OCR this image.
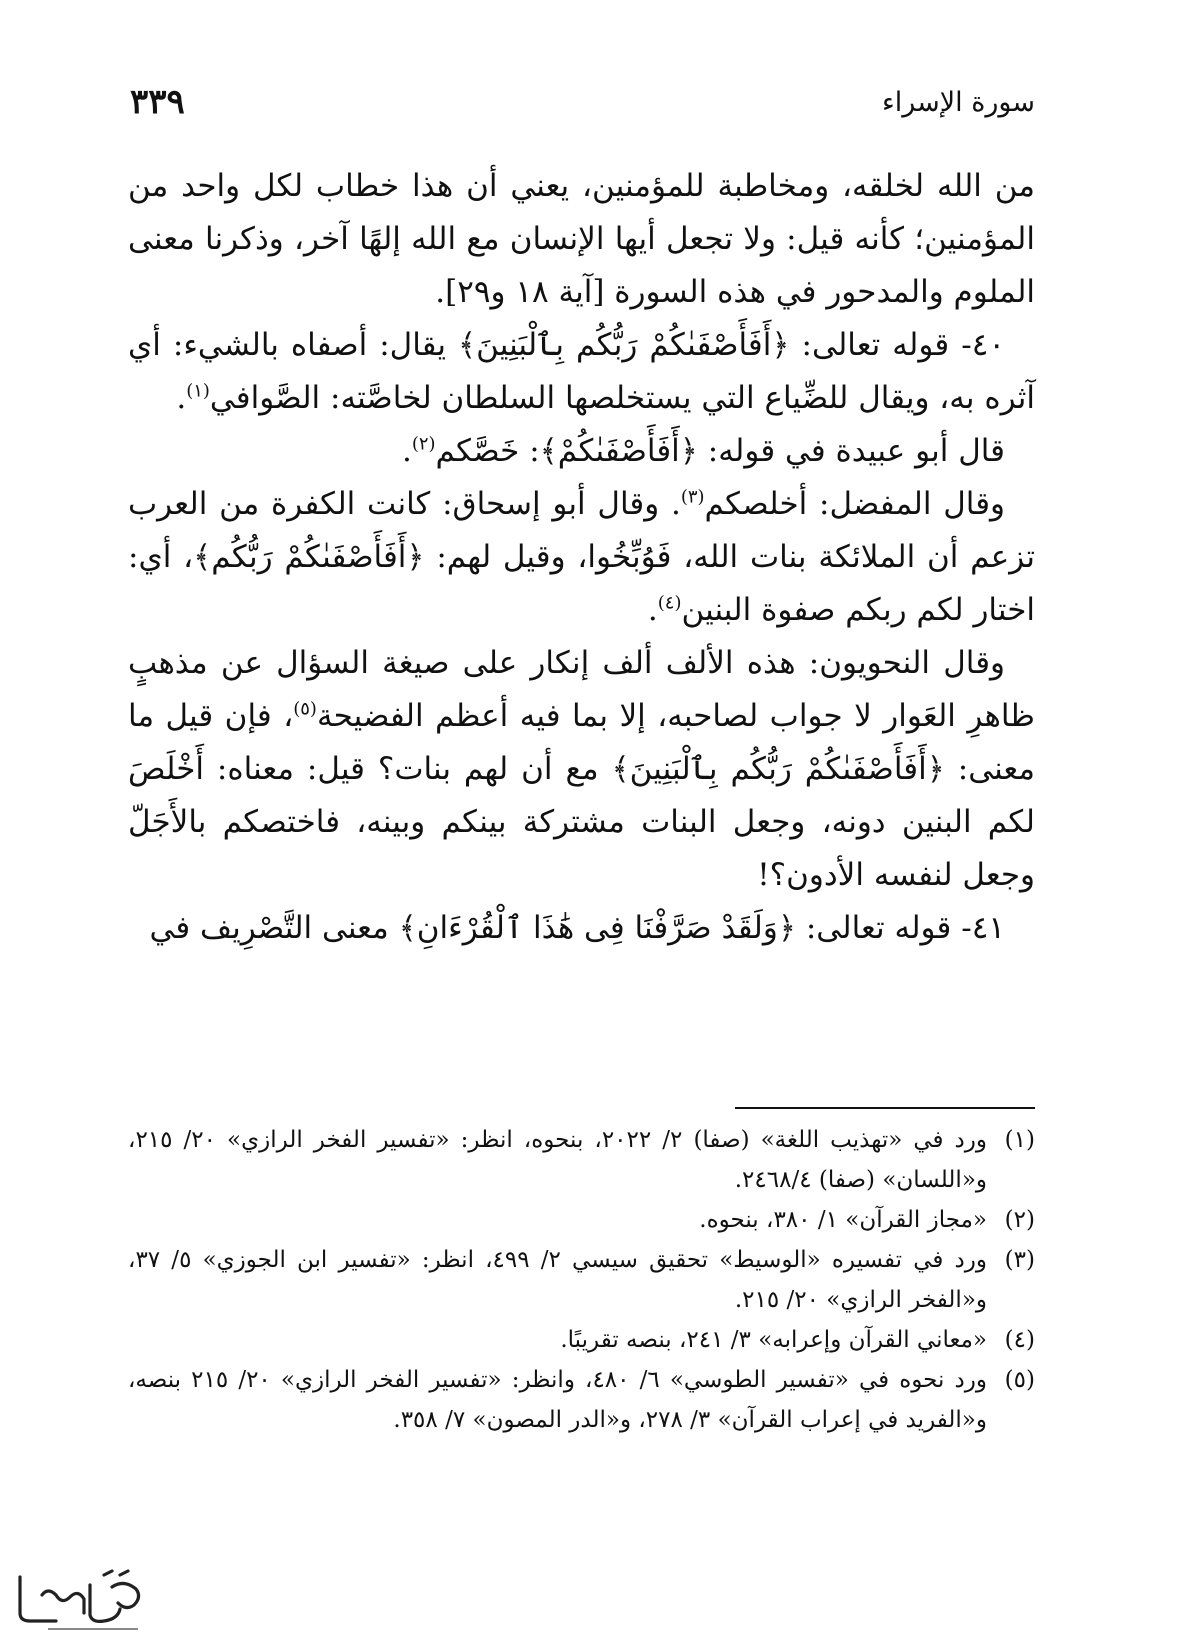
سورة الإسراء
٣٣٩

من الله لخلقه، ومخاطبة للمؤمنين، يعني أن هذا خطاب لكل واحد من المؤمنين؛ كأنه قيل: ولا تجعل أيها الإنسان مع الله إلهًا آخر، وذكرنا معنى الملوم والمدحور في هذه السورة [آية ١٨ و٢٩].

٤٠- قوله تعالى: ﴿أَفَأَصْفَىٰكُمْ رَبُّكُم بِٱلْبَنِينَ﴾ يقال: أصفاه بالشيء: أي آثره به، ويقال للضِّياع التي يستخلصها السلطان لخاصَّته: الصَّوافي$^{(١)}$.

قال أبو عبيدة في قوله: ﴿أَفَأَصْفَىٰكُمْ﴾: خَصَّكم$^{(٢)}$.

وقال المفضل: أخلصكم$^{(٣)}$. وقال أبو إسحاق: كانت الكفرة من العرب تزعم أن الملائكة بنات الله، فَوُبِّخُوا، وقيل لهم: ﴿أَفَأَصْفَىٰكُمْ رَبُّكُم﴾، أي: اختار لكم ربكم صفوة البنين$^{(٤)}$.

وقال النحويون: هذه الألف ألف إنكار على صيغة السؤال عن مذهبٍ ظاهرِ العَوار لا جواب لصاحبه، إلا بما فيه أعظم الفضيحة$^{(٥)}$، فإن قيل ما معنى: ﴿أَفَأَصْفَىٰكُمْ رَبُّكُم بِٱلْبَنِينَ﴾ مع أن لهم بنات؟ قيل: معناه: أَخْلَصَ لكم البنين دونه، وجعل البنات مشتركة بينكم وبينه، فاختصكم بالأَجَلّ وجعل لنفسه الأدون؟!

٤١- قوله تعالى: ﴿وَلَقَدْ صَرَّفْنَا فِى هَٰذَا ٱلْقُرْءَانِ﴾ معنى التَّصْرِيف في

(١)
ورد في «تهذيب اللغة» (صفا) ٢/ ٢٠٢٢، بنحوه، انظر: «تفسير الفخر الرازي» ٢٠/ ٢١٥، و«اللسان» (صفا) ٢٤٦٨/٤.
(٢)
«مجاز القرآن» ١/ ٣٨٠، بنحوه.
(٣)
ورد في تفسيره «الوسيط» تحقيق سيسي ٢/ ٤٩٩، انظر: «تفسير ابن الجوزي» ٥/ ٣٧، و«الفخر الرازي» ٢٠/ ٢١٥.
(٤)
«معاني القرآن وإعرابه» ٣/ ٢٤١، بنصه تقريبًا.
(٥)
ورد نحوه في «تفسير الطوسي» ٦/ ٤٨٠، وانظر: «تفسير الفخر الرازي» ٢٠/ ٢١٥ بنصه، و«الفريد في إعراب القرآن» ٣/ ٢٧٨، و«الدر المصون» ٧/ ٣٥٨.
